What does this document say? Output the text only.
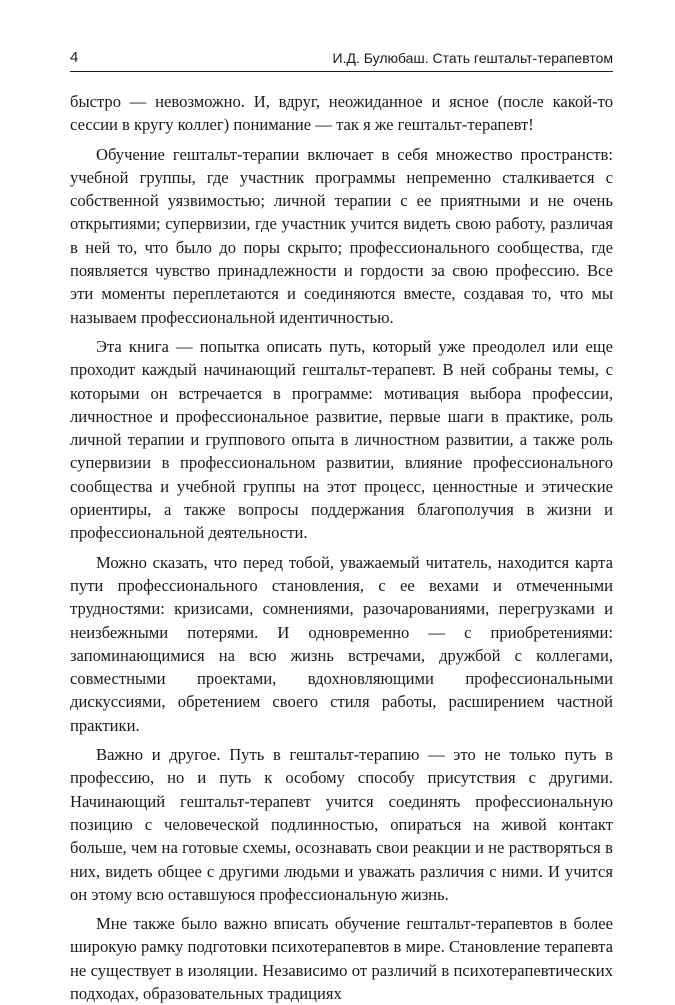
4	И.Д. Булюбаш. Стать гештальт-терапевтом

быстро — невозможно. И, вдруг, неожиданное и ясное (после какой-то сессии в кругу коллег) понимание — так я же гештальт-терапевт!

Обучение гештальт-терапии включает в себя множество пространств: учебной группы, где участник программы непременно сталкивается с собственной уязвимостью; личной терапии с ее приятными и не очень открытиями; супервизии, где участник учится видеть свою работу, различая в ней то, что было до поры скрыто; профессионального сообщества, где появляется чувство принадлежности и гордости за свою профессию. Все эти моменты переплетаются и соединяются вместе, создавая то, что мы называем профессиональной идентичностью.

Эта книга — попытка описать путь, который уже преодолел или еще проходит каждый начинающий гештальт-терапевт. В ней собраны темы, с которыми он встречается в программе: мотивация выбора профессии, личностное и профессиональное развитие, первые шаги в практике, роль личной терапии и группового опыта в личностном развитии, а также роль супервизии в профессиональном развитии, влияние профессионального сообщества и учебной группы на этот процесс, ценностные и этические ориентиры, а также вопросы поддержания благополучия в жизни и профессиональной деятельности.

Можно сказать, что перед тобой, уважаемый читатель, находится карта пути профессионального становления, с ее вехами и отмеченными трудностями: кризисами, сомнениями, разочарованиями, перегрузками и неизбежными потерями. И одновременно — с приобретениями: запоминающимися на всю жизнь встречами, дружбой с коллегами, совместными проектами, вдохновляющими профессиональными дискуссиями, обретением своего стиля работы, расширением частной практики.

Важно и другое. Путь в гештальт-терапию — это не только путь в профессию, но и путь к особому способу присутствия с другими. Начинающий гештальт-терапевт учится соединять профессиональную позицию с человеческой подлинностью, опираться на живой контакт больше, чем на готовые схемы, осознавать свои реакции и не растворяться в них, видеть общее с другими людьми и уважать различия с ними. И учится он этому всю оставшуюся профессиональную жизнь.

Мне также было важно вписать обучение гештальт-терапевтов в более широкую рамку подготовки психотерапевтов в мире. Становление терапевта не существует в изоляции. Независимо от различий в психотерапевтических подходах, образовательных традициях
